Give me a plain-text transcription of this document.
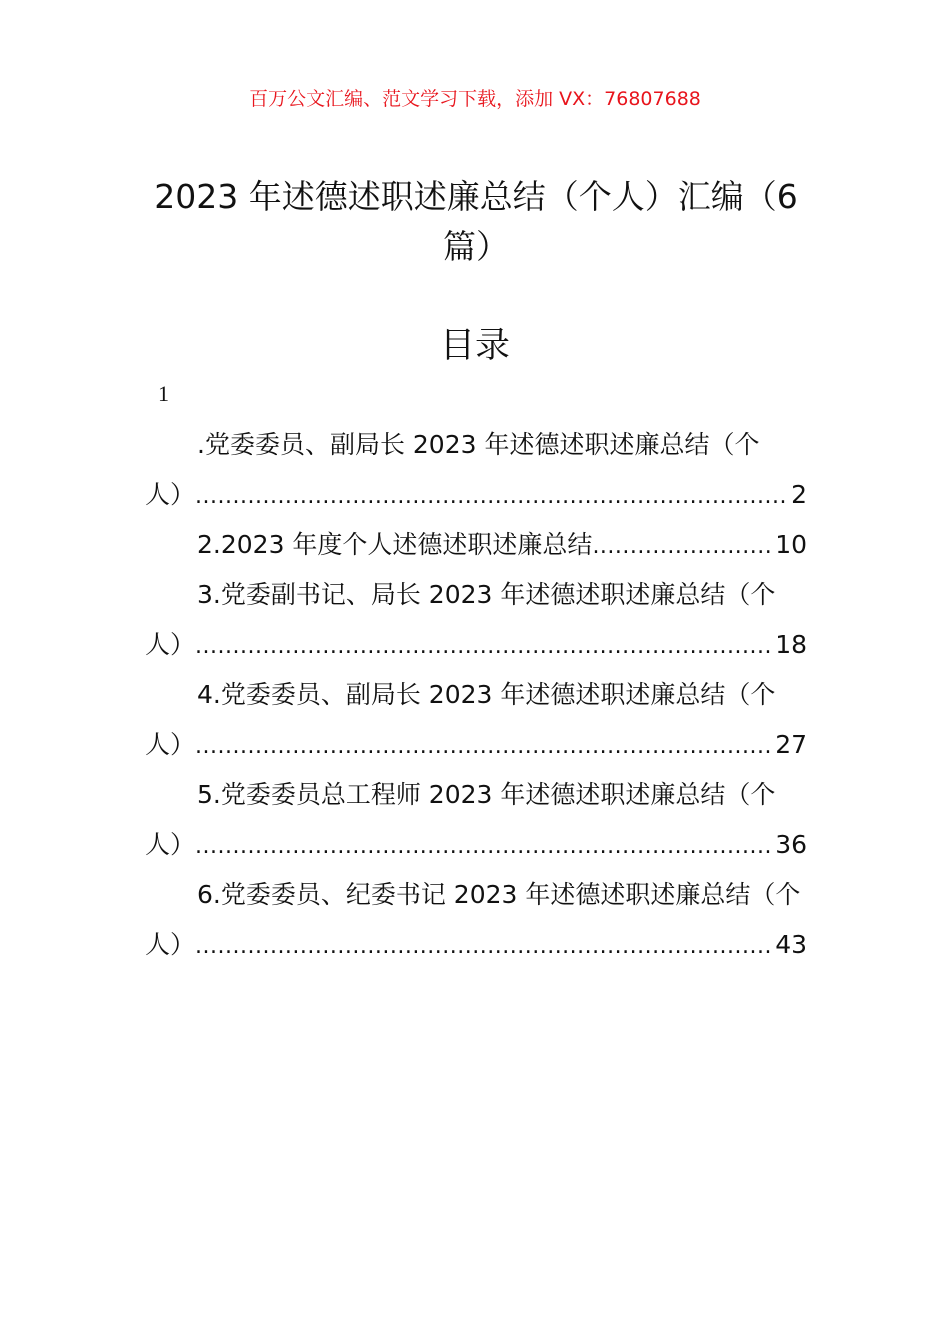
百万公文汇编、范文学习下载，添加 VX：76807688
2023 年述德述职述廉总结（个人）汇编（6
篇）
目录
1
.党委委员、副局长 2023 年述德述职述廉总结（个
人） .....	2
2.2023 年度个人述德述职述廉总结 .....	10
3.党委副书记、局长 2023 年述德述职述廉总结（个
人） .....	18
4.党委委员、副局长 2023 年述德述职述廉总结（个
人） .....	27
5.党委委员总工程师 2023 年述德述职述廉总结（个
人） .....	36
6.党委委员、纪委书记 2023 年述德述职述廉总结（个
人） .....	43
